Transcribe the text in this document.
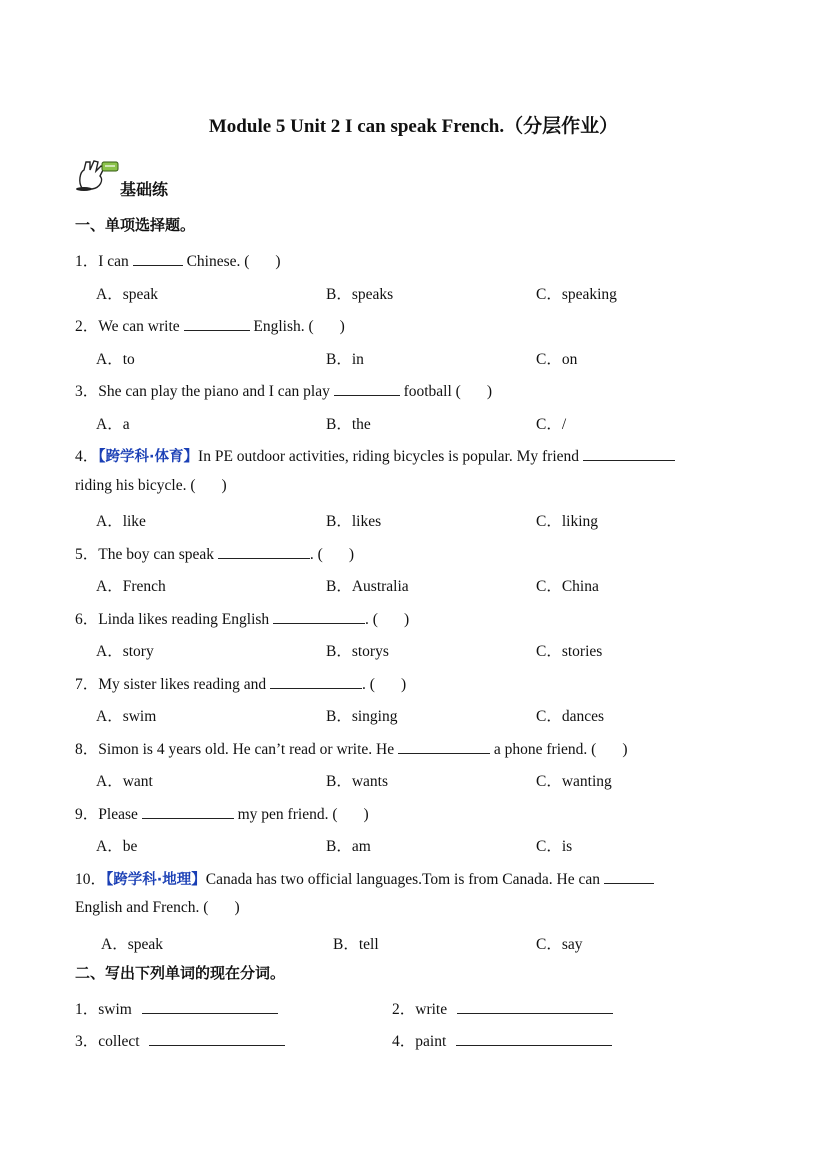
Module 5 Unit 2 I can speak French.（分层作业）
基础练
一、单项选择题。
1．I can	Chinese. ( )
A．speak	B．speaks	C．speaking
2．We can write	English. ( )
A．to	B．in	C．on
3．She can play the piano and I can play	football ( )
A．a	B．the	C．/
4．【跨学科·体育】In PE outdoor activities, riding bicycles is popular. My friend
riding his bicycle. ( )
A．like	B．likes	C．liking
5．The boy can speak	. ( )
A．French	B．Australia	C．China
6．Linda likes reading English	. ( )
A．story	B．storys	C．stories
7．My sister likes reading and	. ( )
A．swim	B．singing	C．dances
8．Simon is 4 years old. He can’t read or write. He	a phone friend. ( )
A．want	B．wants	C．wanting
9．Please	my pen friend. ( )
A．be	B．am	C．is
10．【跨学科·地理】Canada has two official languages.Tom is from Canada. He can
English and French. ( )
A．speak	B．tell	C．say
二、写出下列单词的现在分词。
1．swim	2．write
3．collect	4．paint
